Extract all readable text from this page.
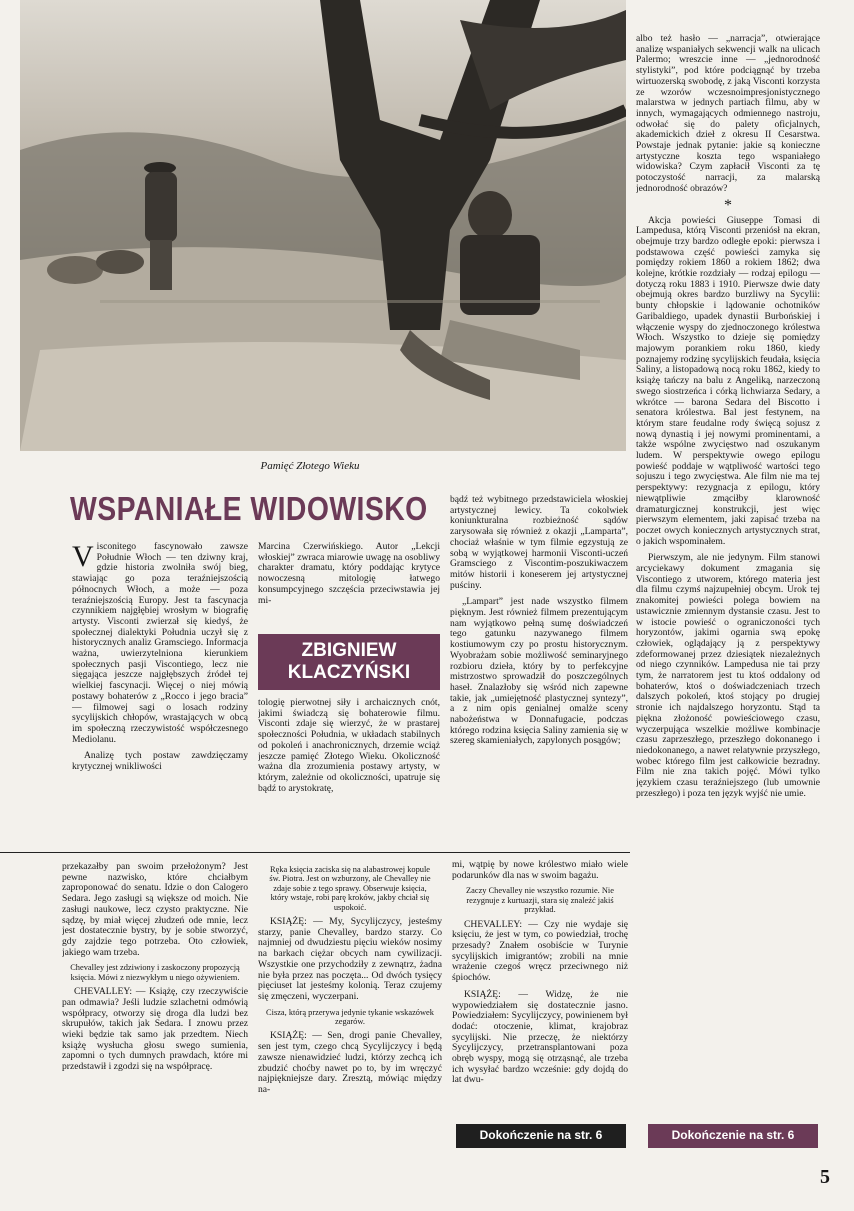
Pamięć Złotego Wieku
WSPANIAŁE WIDOWISKO

Visconitego fascynowało zawsze Południe Włoch — ten dziwny kraj, gdzie historia zwolniła swój bieg, stawiając go poza teraźniejszością północnych Włoch, a może — poza teraźniejszością Europy. Jest ta fascynacja czynnikiem najgłębiej wrosłym w biografię artysty. Visconti zwierzał się kiedyś, że społecznej dialektyki Południa uczył się z historycznych analiz Gramsciego. Informacja ważna, uwierzytelniona kierunkiem społecznych pasji Viscontiego, lecz nie sięgająca jeszcze najgłębszych źródeł tej wielkiej fascynacji. Więcej o niej mówią postawy bohaterów z „Rocco i jego bracia” — filmowej sagi o losach rodziny sycylijskich chłopów, wrastających w obcą im społeczną rzeczywistość współczesnego Mediolanu.

Analizę tych postaw zawdzięczamy krytycznej wnikliwości

Marcina Czerwińskiego. Autor „Lekcji włoskiej” zwraca miarowie uwagę na osobliwy charakter dramatu, który poddając krytyce nowoczesną mitologię łatwego konsumpcyjnego szczęścia przeciwstawia jej mi-
ZBIGNIEW KLACZYŃSKI
tologię pierwotnej siły i archaicznych cnót, jakimi świadczą się bohaterowie filmu. Visconti zdaje się wierzyć, że w prastarej społeczności Południa, w układach stabilnych od pokoleń i anachronicznych, drzemie wciąż jeszcze pamięć Złotego Wieku. Okoliczność ważna dla zrozumienia postawy artysty, w którym, zależnie od okoliczności, upatruje się bądź to arystokratę,

bądź też wybitnego przedstawiciela włoskiej artystycznej lewicy. Ta cokolwiek koniunkturalna rozbieżność sądów zarysowała się również z okazji „Lamparta”, chociaż właśnie w tym filmie egzystują ze sobą w wyjątkowej harmonii Visconti-uczeń Gramsciego z Viscontim-poszukiwaczem mitów historii i koneserem jej artystycznej puściny.

„Lampart” jest nade wszystko filmem pięknym. Jest również filmem prezentującym nam wyjątkowo pełną sumę doświadczeń tego gatunku nazywanego filmem kostiumowym czy po prostu historycznym. Wyobrażam sobie możliwość seminaryjnego rozbioru dzieła, który by to perfekcyjne mistrzostwo sprowadził do poszczególnych haseł. Znalazłoby się wśród nich zapewne takie, jak „umiejętność plastycznej syntezy”, a z nim opis genialnej omalże sceny nabożeństwa w Donnafugacie, podczas którego rodzina księcia Saliny zamienia się w szereg skamieniałych, zapylonych posągów;

albo też hasło — „narracja”, otwierające analizę wspaniałych sekwencji walk na ulicach Palermo; wreszcie inne — „jednorodność stylistyki”, pod które podciągnąć by trzeba wirtuozerską swobodę, z jaką Visconti korzysta ze wzorów wczesnoimpresjonistycznego malarstwa w jednych partiach filmu, aby w innych, wymagających odmiennego nastroju, odwołać się do palety oficjalnych, akademickich dzieł z okresu II Cesarstwa. Powstaje jednak pytanie: jakie są konieczne artystyczne koszta tego wspaniałego widowiska? Czym zapłacił Visconti za tę potoczystość narracji, za malarską jednorodność obrazów?

*

Akcja powieści Giuseppe Tomasi di Lampedusa, którą Visconti przeniósł na ekran, obejmuje trzy bardzo odległe epoki: pierwsza i podstawowa część powieści zamyka się pomiędzy rokiem 1860 a rokiem 1862; dwa kolejne, krótkie rozdziały — rodzaj epilogu — dotyczą roku 1883 i 1910. Pierwsze dwie daty obejmują okres bardzo burzliwy na Sycylii: bunty chłopskie i lądowanie ochotników Garibaldiego, upadek dynastii Burbońskiej i włączenie wyspy do zjednoczonego królestwa Włoch. Wszystko to dzieje się pomiędzy majowym porankiem roku 1860, kiedy poznajemy rodzinę sycylijskich feudała, księcia Saliny, a listopadową nocą roku 1862, kiedy to książę tańczy na balu z Angeliką, narzeczoną swego siostrzeńca i córką lichwiarza Sedary, a wkrótce — barona Sedara del Biscotto i senatora królestwa. Bal jest festynem, na którym stare feudalne rody święcą sojusz z nową dynastią i jej nowymi prominentami, a także wspólne zwycięstwo nad oszukanym ludem. W perspektywie owego epilogu powieść poddaje w wątpliwość wartości tego sojuszu i tego zwycięstwa. Ale film nie ma tej perspektywy: rezygnacja z epilogu, który niewątpliwie zmąciłby klarowność dramaturgicznej konstrukcji, jest więc pierwszym elementem, jaki zapisać trzeba na poczet owych koniecznych artystycznych strat, o jakich wspominałem.

Pierwszym, ale nie jedynym. Film stanowi arcyciekawy dokument zmagania się Viscontiego z utworem, którego materia jest dla filmu czymś najzupełniej obcym. Urok tej znakomitej powieści polega bowiem na ustawicznie zmiennym dystansie czasu. Jest to w istocie powieść o ograniczoności tych horyzontów, jakimi ogarnia swą epokę człowiek, oglądający ją z perspektywy zdeformowanej przez dziesiątek niezależnych od niego czynników. Lampedusa nie tai przy tym, że narratorem jest tu ktoś oddalony od bohaterów, ktoś o doświadczeniach trzech dalszych pokoleń, ktoś stojący po drugiej stronie ich najdalszego horyzontu. Stąd ta piękna złożoność powieściowego czasu, wyczerpująca wszelkie możliwe kombinacje czasu zaprzeszłego, przeszłego dokonanego i niedokonanego, a nawet relatywnie przyszłego, wobec którego film jest całkowicie bezradny. Film nie zna takich pojęć. Mówi tylko językiem czasu teraźniejszego (lub umownie przeszłego) i poza ten język wyjść nie umie.

Dokończenie na str. 6

przekazałby pan swoim przełożonym? Jest pewne nazwisko, które chciałbym zaproponować do senatu. Idzie o don Calogero Sedara. Jego zasługi są większe od moich. Nie zasługi naukowe, lecz czysto praktyczne. Nie sądzę, by miał więcej złudzeń ode mnie, lecz jest dostatecznie bystry, by je sobie stworzyć, gdy zajdzie tego potrzeba. Oto człowiek, jakiego wam trzeba.

Chevalley jest zdziwiony i zaskoczony propozycją księcia. Mówi z niezwykłym u niego ożywieniem.

CHEVALLEY: — Książę, czy rzeczywiście pan odmawia? Jeśli ludzie szlachetni odmówią współpracy, otworzy się droga dla ludzi bez skrupułów, takich jak Sedara. I znowu przez wieki będzie tak samo jak przedtem. Niech książę wysłucha głosu swego sumienia, zapomni o tych dumnych prawdach, które mi przedstawił i zgodzi się na współpracę.

Ręka księcia zaciska się na alabastrowej kopule św. Piotra. Jest on wzburzony, ale Chevalley nie zdaje sobie z tego sprawy. Obserwuje księcia, który wstaje, robi parę kroków, jakby chciał się uspokoić.

KSIĄŻĘ: — My, Sycylijczycy, jesteśmy starzy, panie Chevalley, bardzo starzy. Co najmniej od dwudziestu pięciu wieków nosimy na barkach ciężar obcych nam cywilizacji. Wszystkie one przychodziły z zewnątrz, żadna nie była przez nas poczęta... Od dwóch tysięcy pięciuset lat jesteśmy kolonią. Teraz czujemy się zmęczeni, wyczerpani.

Ciszа, którą przerywa jedynie tykanie wskazówek zegarów.

KSIĄŻĘ: — Sen, drogi panie Chevalley, sen jest tym, czego chcą Sycylijczycy i będą zawsze nienawidzieć ludzi, którzy zechcą ich zbudzić choćby nawet po to, by im wręczyć najpiękniejsze dary. Zresztą, mówiąc między na-

mi, wątpię by nowe królestwo miało wiele podarunków dla nas w swoim bagażu.

Zaczy Chevalley nie wszystko rozumie. Nie rezygnuje z kurtuazji, stara się znaleźć jakiś przykład.

CHEVALLEY: — Czy nie wydaje się księciu, że jest w tym, co powiedział, trochę przesady? Znałem osobiście w Turynie sycylijskich imigrantów; zrobili na mnie wrażenie czegoś wręcz przeciwnego niż śpiochów.

KSIĄŻĘ: — Widzę, że nie wypowiedziałem się dostatecznie jasno. Powiedziałem: Sycylijczycy, powinienem był dodać: otoczenie, klimat, krajobraz sycylijski. Nie przeczę, że niektórzy Sycylijczycy, przetransplantowani poza obręb wyspy, mogą się otrząsnąć, ale trzeba ich wysyłać bardzo wcześnie: gdy dojdą do lat dwu-

Dokończenie na str. 6
5
